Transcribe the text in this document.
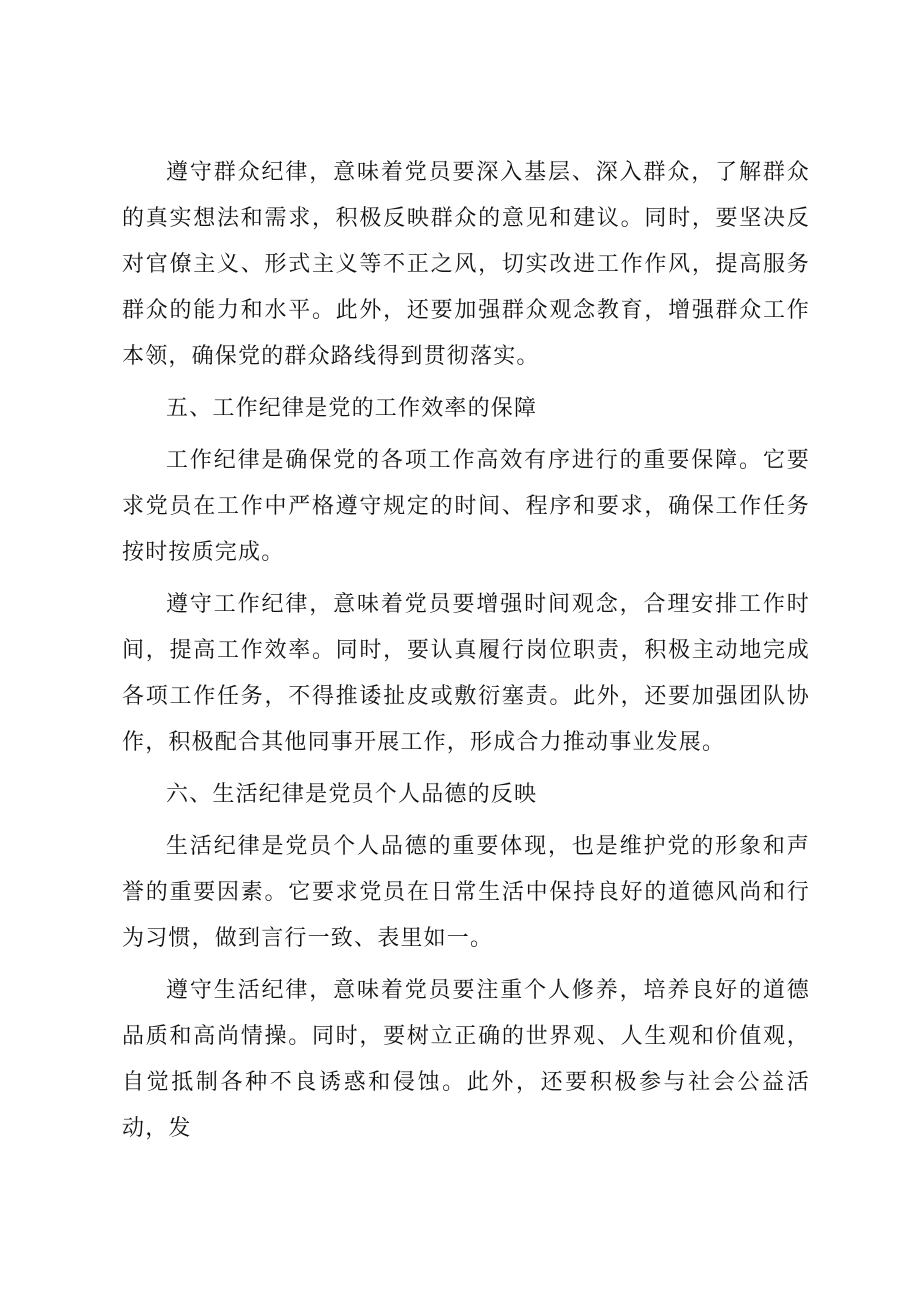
遵守群众纪律，意味着党员要深入基层、深入群众，了解群众的真实想法和需求，积极反映群众的意见和建议。同时，要坚决反对官僚主义、形式主义等不正之风，切实改进工作作风，提高服务群众的能力和水平。此外，还要加强群众观念教育，增强群众工作本领，确保党的群众路线得到贯彻落实。

五、工作纪律是党的工作效率的保障

工作纪律是确保党的各项工作高效有序进行的重要保障。它要求党员在工作中严格遵守规定的时间、程序和要求，确保工作任务按时按质完成。

遵守工作纪律，意味着党员要增强时间观念，合理安排工作时间，提高工作效率。同时，要认真履行岗位职责，积极主动地完成各项工作任务，不得推诿扯皮或敷衍塞责。此外，还要加强团队协作，积极配合其他同事开展工作，形成合力推动事业发展。

六、生活纪律是党员个人品德的反映

生活纪律是党员个人品德的重要体现，也是维护党的形象和声誉的重要因素。它要求党员在日常生活中保持良好的道德风尚和行为习惯，做到言行一致、表里如一。

遵守生活纪律，意味着党员要注重个人修养，培养良好的道德品质和高尚情操。同时，要树立正确的世界观、人生观和价值观，自觉抵制各种不良诱惑和侵蚀。此外，还要积极参与社会公益活动，发
